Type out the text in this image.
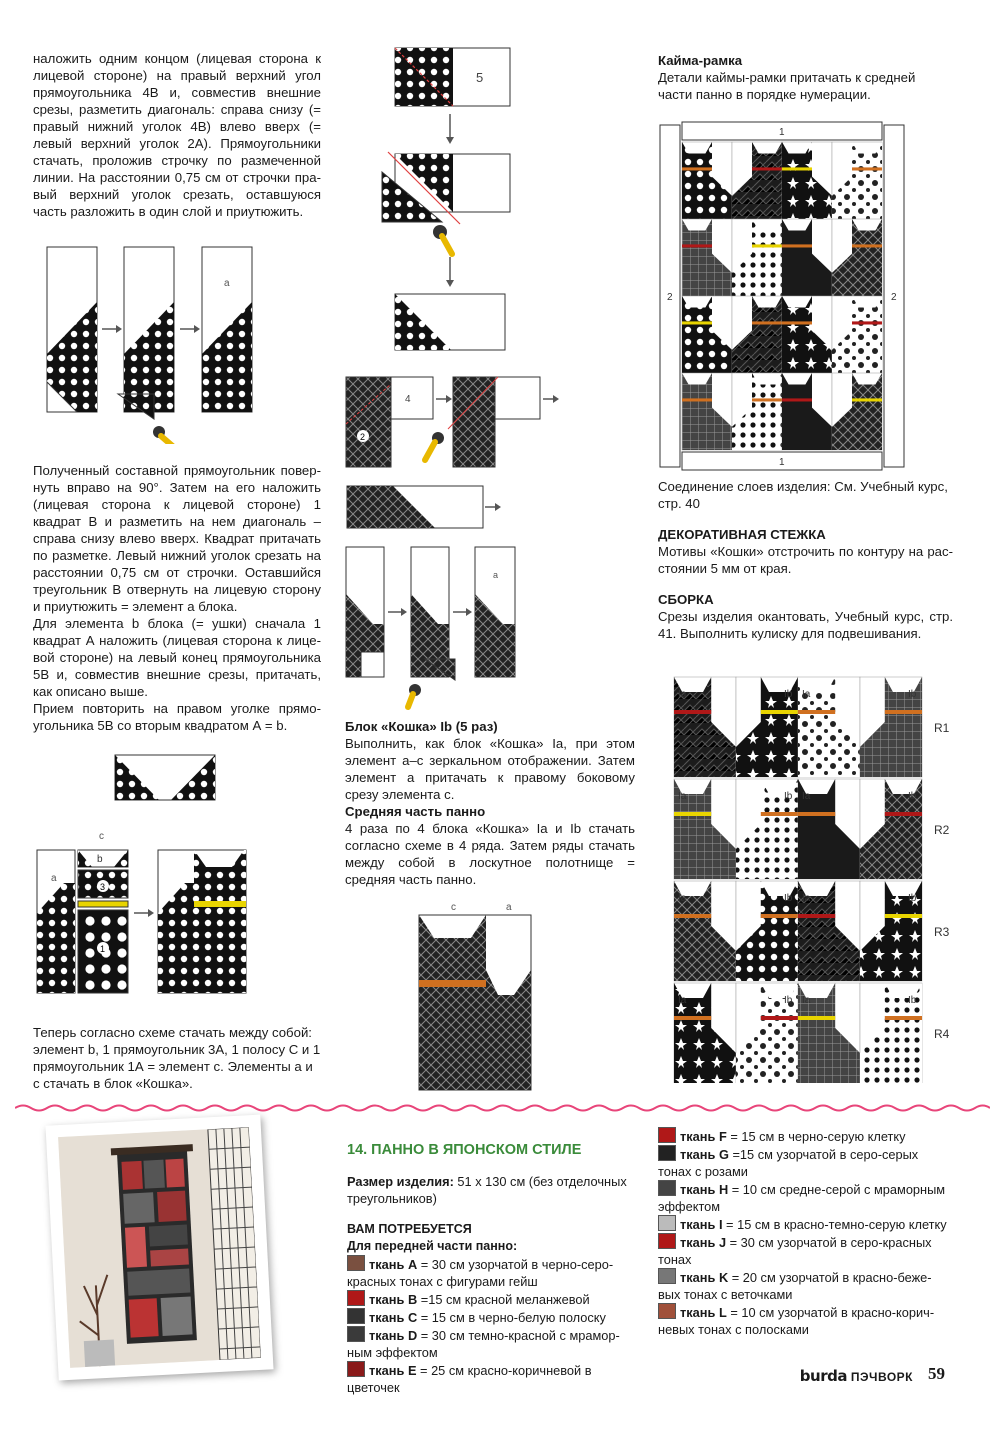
наложить одним концом (лицевая сторона к лицевой стороне) на правый верхний угол прямоугольника 4В и, совместив внешние срезы, разметить диагональ: справа снизу (= правый нижний уголок 4В) влево вверх (= левый верхний уголок 2А). Прямоугольники стачать, проложив строчку по размеченной линии. На расстоянии 0,75 см от строчки правый верхний уголок срезать, оставшуюся часть разложить в один слой и приутюжить.

a

Полученный составной прямоугольник повернуть вправо на 90°. Затем на его наложить (лицевая сторона к лицевой стороне) 1 квадрат В и разметить на нем диагональ – справа снизу влево вверх. Квадрат притачать по разметке. Левый нижний уголок срезать на расстоянии 0,75 см от строчки. Оставшийся треугольник В отвернуть на лицевую сторону и приутюжить = элемент а блока.

Для элемента b блока (= ушки) сначала 1 квадрат А наложить (лицевая сторона к лицевой стороне) на левый конец прямоугольника 5В и, совместив внешние срезы, притачать, как описано выше.

Прием повторить на правом уголке прямоугольника 5В со вторым квадратом А = b.

a
c
b
3
1

Теперь согласно схеме стачать между собой: элемент b, 1 прямоугольник 3А, 1 полосу С и 1 прямоугольник 1А = элемент с. Элементы а и с стачать в блок «Кошка».

5
4
2
a

Блок «Кошка» Ib (5 раз)

Выполнить, как блок «Кошка» Ia, при этом элемент а–с зеркальном отображении. Затем элемент а притачать к правому боковому срезу элемента с.

Средняя часть панно

4 раза по 4 блока «Кошка» Ia и Ib стачать согласно схеме в 4 ряда. Затем ряды стачать между собой в лоскутное полотнище = средняя часть панно.

c	a

Кайма-рамка

Детали каймы-рамки притачать к средней части панно в порядке нумерации.

1
1
2	2

Соединение слоев изделия: См. Учебный курс, стр. 40

ДЕКОРАТИВНАЯ СТЕЖКА

Мотивы «Кошки» отстрочить по контуру на расстоянии 5 мм от края.

СБОРКА

Срезы изделия окантовать, Учебный курс, стр. 41. Выполнить кулиску для подвешивания.

Ia	Ib Ia	Ib
R1
Ia	Ib Ia	Ib
R2
Ia	Ib Ia	Ib
R3
Ia	Ib Ia	Ib
R4

14. ПАННО В ЯПОНСКОМ СТИЛЕ

Размер изделия: 51 x 130 см (без отделочных треугольников)

ВАМ ПОТРЕБУЕТСЯ

Для передней части панно:

ткань А = 30 см узорчатой в черно-серо-красных тонах с фигурами гейш

ткань B =15 см красной меланжевой

ткань C = 15 см в черно-белую полоску

ткань D = 30 см темно-красной с мраморным эффектом

ткань E = 25 см красно-коричневой в цветочек

ткань F = 15 см в черно-серую клетку

ткань G =15 см узорчатой в серо-серых тонах с розами

ткань H = 10 см средне-серой с мраморным эффектом

ткань I = 15 см в красно-темно-серую клетку

ткань J = 30 см узорчатой в серо-красных тонах

ткань K = 20 см узорчатой в красно-бежевых тонах с веточками

ткань L = 10 см узорчатой в красно-коричневых тонах с полосками

burda ПЭЧВОРК 59
